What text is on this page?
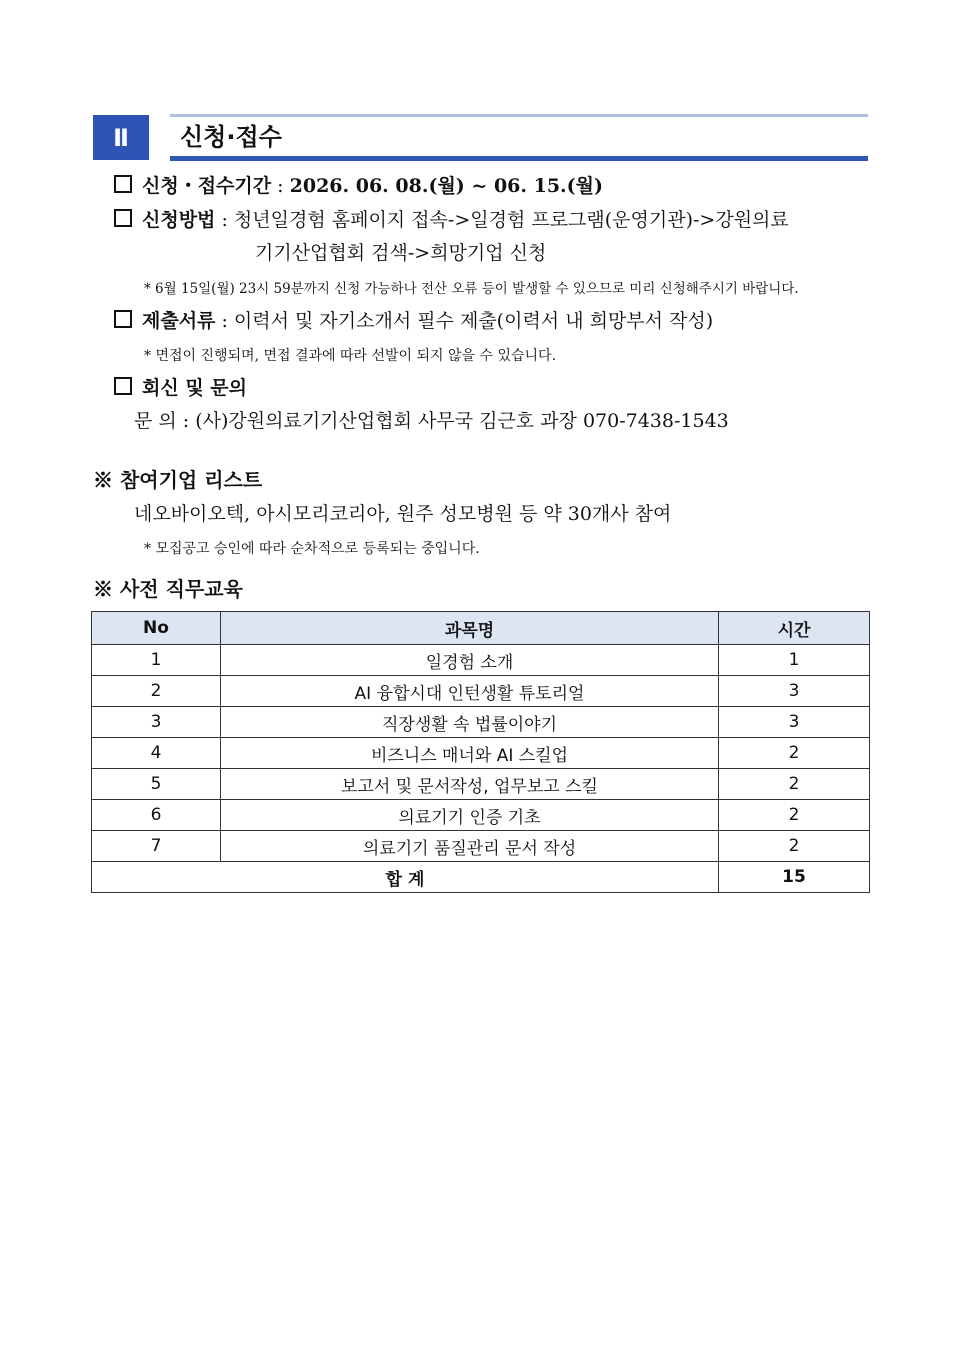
Ⅱ	신청·접수
신청・접수기간 : 2026. 06. 08.(월) ~ 06. 15.(월)
신청방법 : 청년일경험 홈페이지 접속->일경험 프로그램(운영기관)->강원의료
기기산업협회 검색->희망기업 신청
* 6월 15일(월) 23시 59분까지 신청 가능하나 전산 오류 등이 발생할 수 있으므로 미리 신청해주시기 바랍니다.
제출서류 : 이력서 및 자기소개서 필수 제출(이력서 내 희망부서 작성)
* 면접이 진행되며, 면접 결과에 따라 선발이 되지 않을 수 있습니다.
회신 및 문의
문 의 : (사)강원의료기기산업협회 사무국 김근호 과장 070-7438-1543
※ 참여기업 리스트
네오바이오텍, 아시모리코리아, 원주 성모병원 등 약 30개사 참여
* 모집공고 승인에 따라 순차적으로 등록되는 중입니다.
※ 사전 직무교육
No	과목명	시간
1	일경험 소개	1
2	AI 융합시대 인턴생활 튜토리얼	3
3	직장생활 속 법률이야기	3
4	비즈니스 매너와 AI 스킬업	2
5	보고서 및 문서작성, 업무보고 스킬	2
6	의료기기 인증 기초	2
7	의료기기 품질관리 문서 작성	2
합 계		15
